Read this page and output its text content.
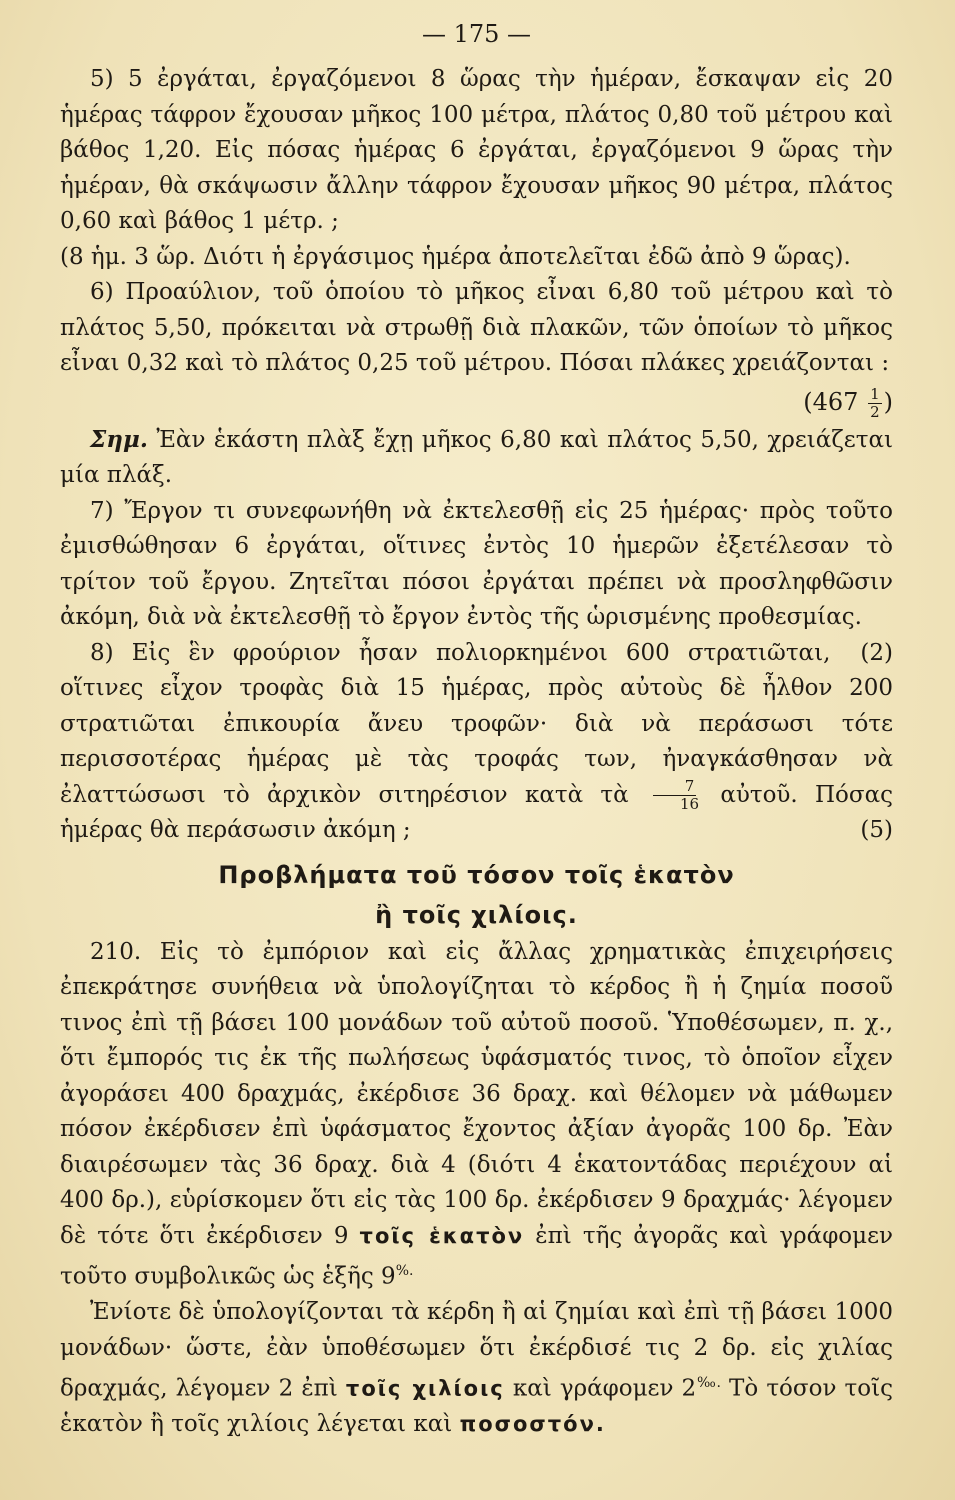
— 175 —

5) 5 ἐργάται, ἐργαζόμενοι 8 ὥρας τὴν ἡμέραν, ἔσκαψαν εἰς 20 ἡμέρας τάφρον ἔχουσαν μῆκος 100 μέτρα, πλάτος 0,80 τοῦ μέτρου καὶ βάθος 1,20. Εἰς πόσας ἡμέρας 6 ἐργάται, ἐργαζόμενοι 9 ὥρας τὴν ἡμέραν, θὰ σκάψωσιν ἄλλην τάφρον ἔχουσαν μῆκος 90 μέτρα, πλάτος 0,60 καὶ βάθος 1 μέτρ. ;

(8 ἡμ. 3 ὥρ. Διότι ἡ ἐργάσιμος ἡμέρα ἀποτελεῖται ἐδῶ ἀπὸ 9 ὥρας).

6) Προαύλιον, τοῦ ὁποίου τὸ μῆκος εἶναι 6,80 τοῦ μέτρου καὶ τὸ πλάτος 5,50, πρόκειται νὰ στρωθῇ διὰ πλακῶν, τῶν ὁποίων τὸ μῆκος εἶναι 0,32 καὶ τὸ πλάτος 0,25 τοῦ μέτρου. Πόσαι πλάκες χρειάζονται :

($467 \frac{1}{2}$ )

Σημ. Ἐὰν ἑκάστη πλὰξ ἔχῃ μῆκος 6,80 καὶ πλάτος 5,50, χρειάζεται μία πλάξ.

7) Ἔργον τι συνεφωνήθη νὰ ἐκτελεσθῇ εἰς 25 ἡμέρας· πρὸς τοῦτο ἐμισθώθησαν 6 ἐργάται, οἵτινες ἐντὸς 10 ἡμερῶν ἐξετέλεσαν τὸ τρίτον τοῦ ἔργου. Ζητεῖται πόσοι ἐργάται πρέπει νὰ προσληφθῶσιν ἀκόμη, διὰ νὰ ἐκτελεσθῇ τὸ ἔργον ἐντὸς τῆς ὡρισμένης προθεσμίας.
(2)

8) Εἰς ἓν φρούριον ἦσαν πολιορκημένοι 600 στρατιῶται, οἵτινες εἶχον τροφὰς διὰ 15 ἡμέρας, πρὸς αὐτοὺς δὲ ἦλθον 200 στρατιῶται ἐπικουρία ἄνευ τροφῶν· διὰ νὰ περάσωσι τότε περισσοτέρας ἡμέρας μὲ τὰς τροφάς των, ἠναγκάσθησαν νὰ ἐλαττώσωσι τὸ ἀρχικὸν σιτηρέσιον κατὰ τὰ $\frac{7}{16}$ αὐτοῦ. Πόσας ἡμέρας θὰ περάσωσιν ἀκόμη ;	(5)

Προβλήματα τοῦ τόσον τοῖς ἑκατὸν
ἢ τοῖς χιλίοις.

210. Εἰς τὸ ἐμπόριον καὶ εἰς ἄλλας χρηματικὰς ἐπιχειρήσεις ἐπεκράτησε συνήθεια νὰ ὑπολογίζηται τὸ κέρδος ἢ ἡ ζημία ποσοῦ τινος ἐπὶ τῇ βάσει 100 μονάδων τοῦ αὐτοῦ ποσοῦ. Ὑποθέσωμεν, π. χ., ὅτι ἔμπορός τις ἐκ τῆς πωλήσεως ὑφάσματός τινος, τὸ ὁποῖον εἶχεν ἀγοράσει 400 δραχμάς, ἐκέρδισε 36 δραχ. καὶ θέλομεν νὰ μάθωμεν πόσον ἐκέρδισεν ἐπὶ ὑφάσματος ἔχοντος ἀξίαν ἀγορᾶς 100 δρ. Ἐὰν διαιρέσωμεν τὰς 36 δραχ. διὰ 4 (διότι 4 ἑκατοντάδας περιέχουν αἱ 400 δρ.), εὑρίσκομεν ὅτι εἰς τὰς 100 δρ. ἐκέρδισεν 9 δραχμάς· λέγομεν δὲ τότε ὅτι ἐκέρδισεν 9 τοῖς ἑκατὸν ἐπὶ τῆς ἀγορᾶς καὶ γράφομεν τοῦτο συμβολικῶς ὡς ἑξῆς 9%.

Ἐνίοτε δὲ ὑπολογίζονται τὰ κέρδη ἢ αἱ ζημίαι καὶ ἐπὶ τῇ βάσει 1000 μονάδων· ὥστε, ἐὰν ὑποθέσωμεν ὅτι ἐκέρδισέ τις 2 δρ. εἰς χιλίας δραχμάς, λέγομεν 2 ἐπὶ τοῖς χιλίοις καὶ γράφομεν 2‰. Τὸ τόσον τοῖς ἑκατὸν ἢ τοῖς χιλίοις λέγεται καὶ ποσοστόν.
